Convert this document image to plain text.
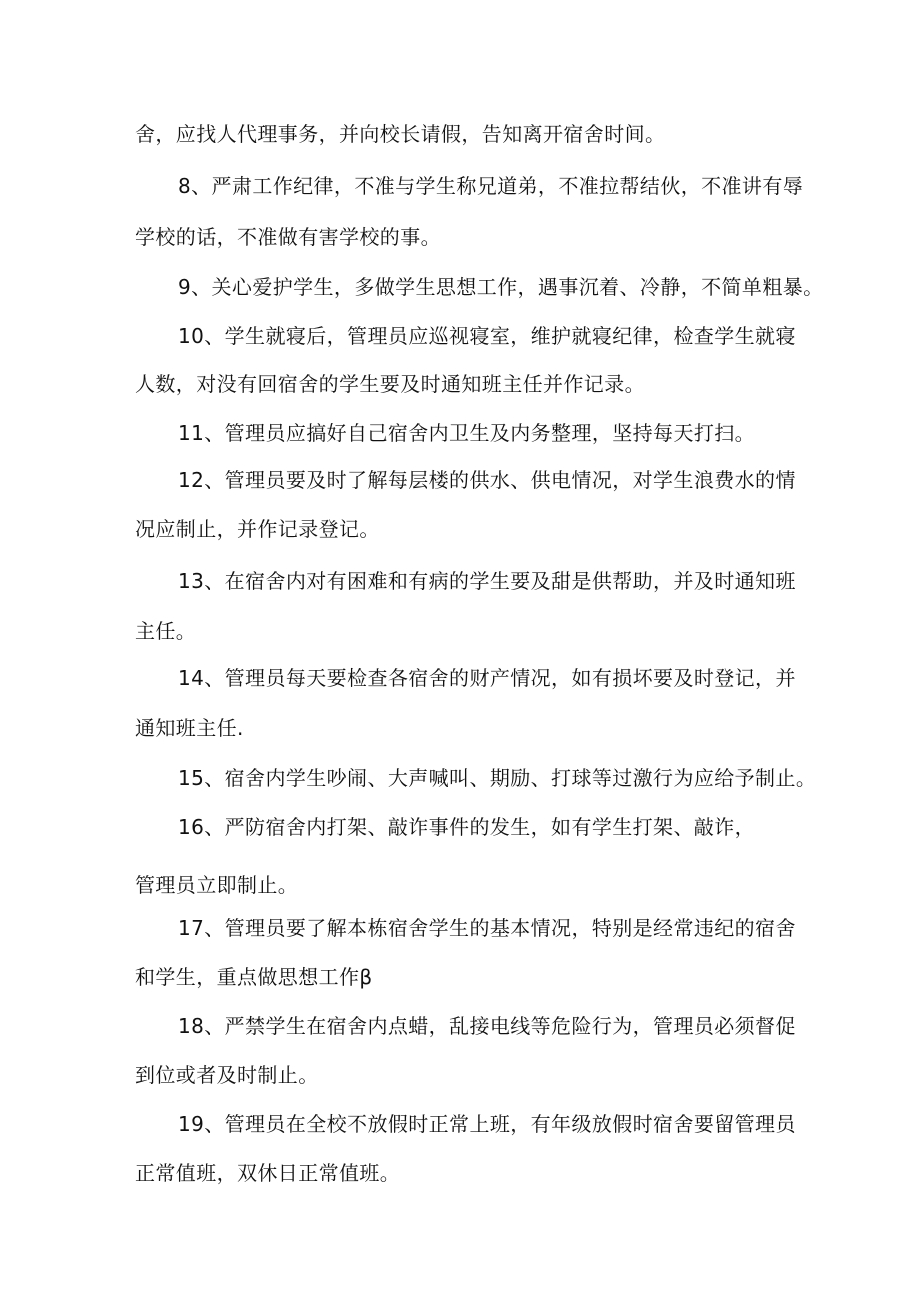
舍，应找人代理事务，并向校长请假，告知离开宿舍时间。
8、严肃工作纪律，不准与学生称兄道弟，不准拉帮结伙，不准讲有辱
学校的话，不准做有害学校的事。
9、关心爱护学生，多做学生思想工作，遇事沉着、冷静，不简单粗暴。
10、学生就寝后，管理员应巡视寝室，维护就寝纪律，检查学生就寝
人数，对没有回宿舍的学生要及时通知班主任并作记录。
11、管理员应搞好自己宿舍内卫生及内务整理，坚持每天打扫。
12、管理员要及时了解每层楼的供水、供电情况，对学生浪费水的情
况应制止，并作记录登记。
13、在宿舍内对有困难和有病的学生要及甜是供帮助，并及时通知班
主任。
14、管理员每天要检查各宿舍的财产情况，如有损坏要及时登记，并
通知班主任.
15、宿舍内学生吵闹、大声喊叫、期励、打球等过激行为应给予制止。
16、严防宿舍内打架、敲诈事件的发生，如有学生打架、敲诈，
管理员立即制止。
17、管理员要了解本栋宿舍学生的基本情况，特别是经常违纪的宿舍
和学生，重点做思想工作β
18、严禁学生在宿舍内点蜡，乱接电线等危险行为，管理员必须督促
到位或者及时制止。
19、管理员在全校不放假时正常上班，有年级放假时宿舍要留管理员
正常值班，双休日正常值班。
